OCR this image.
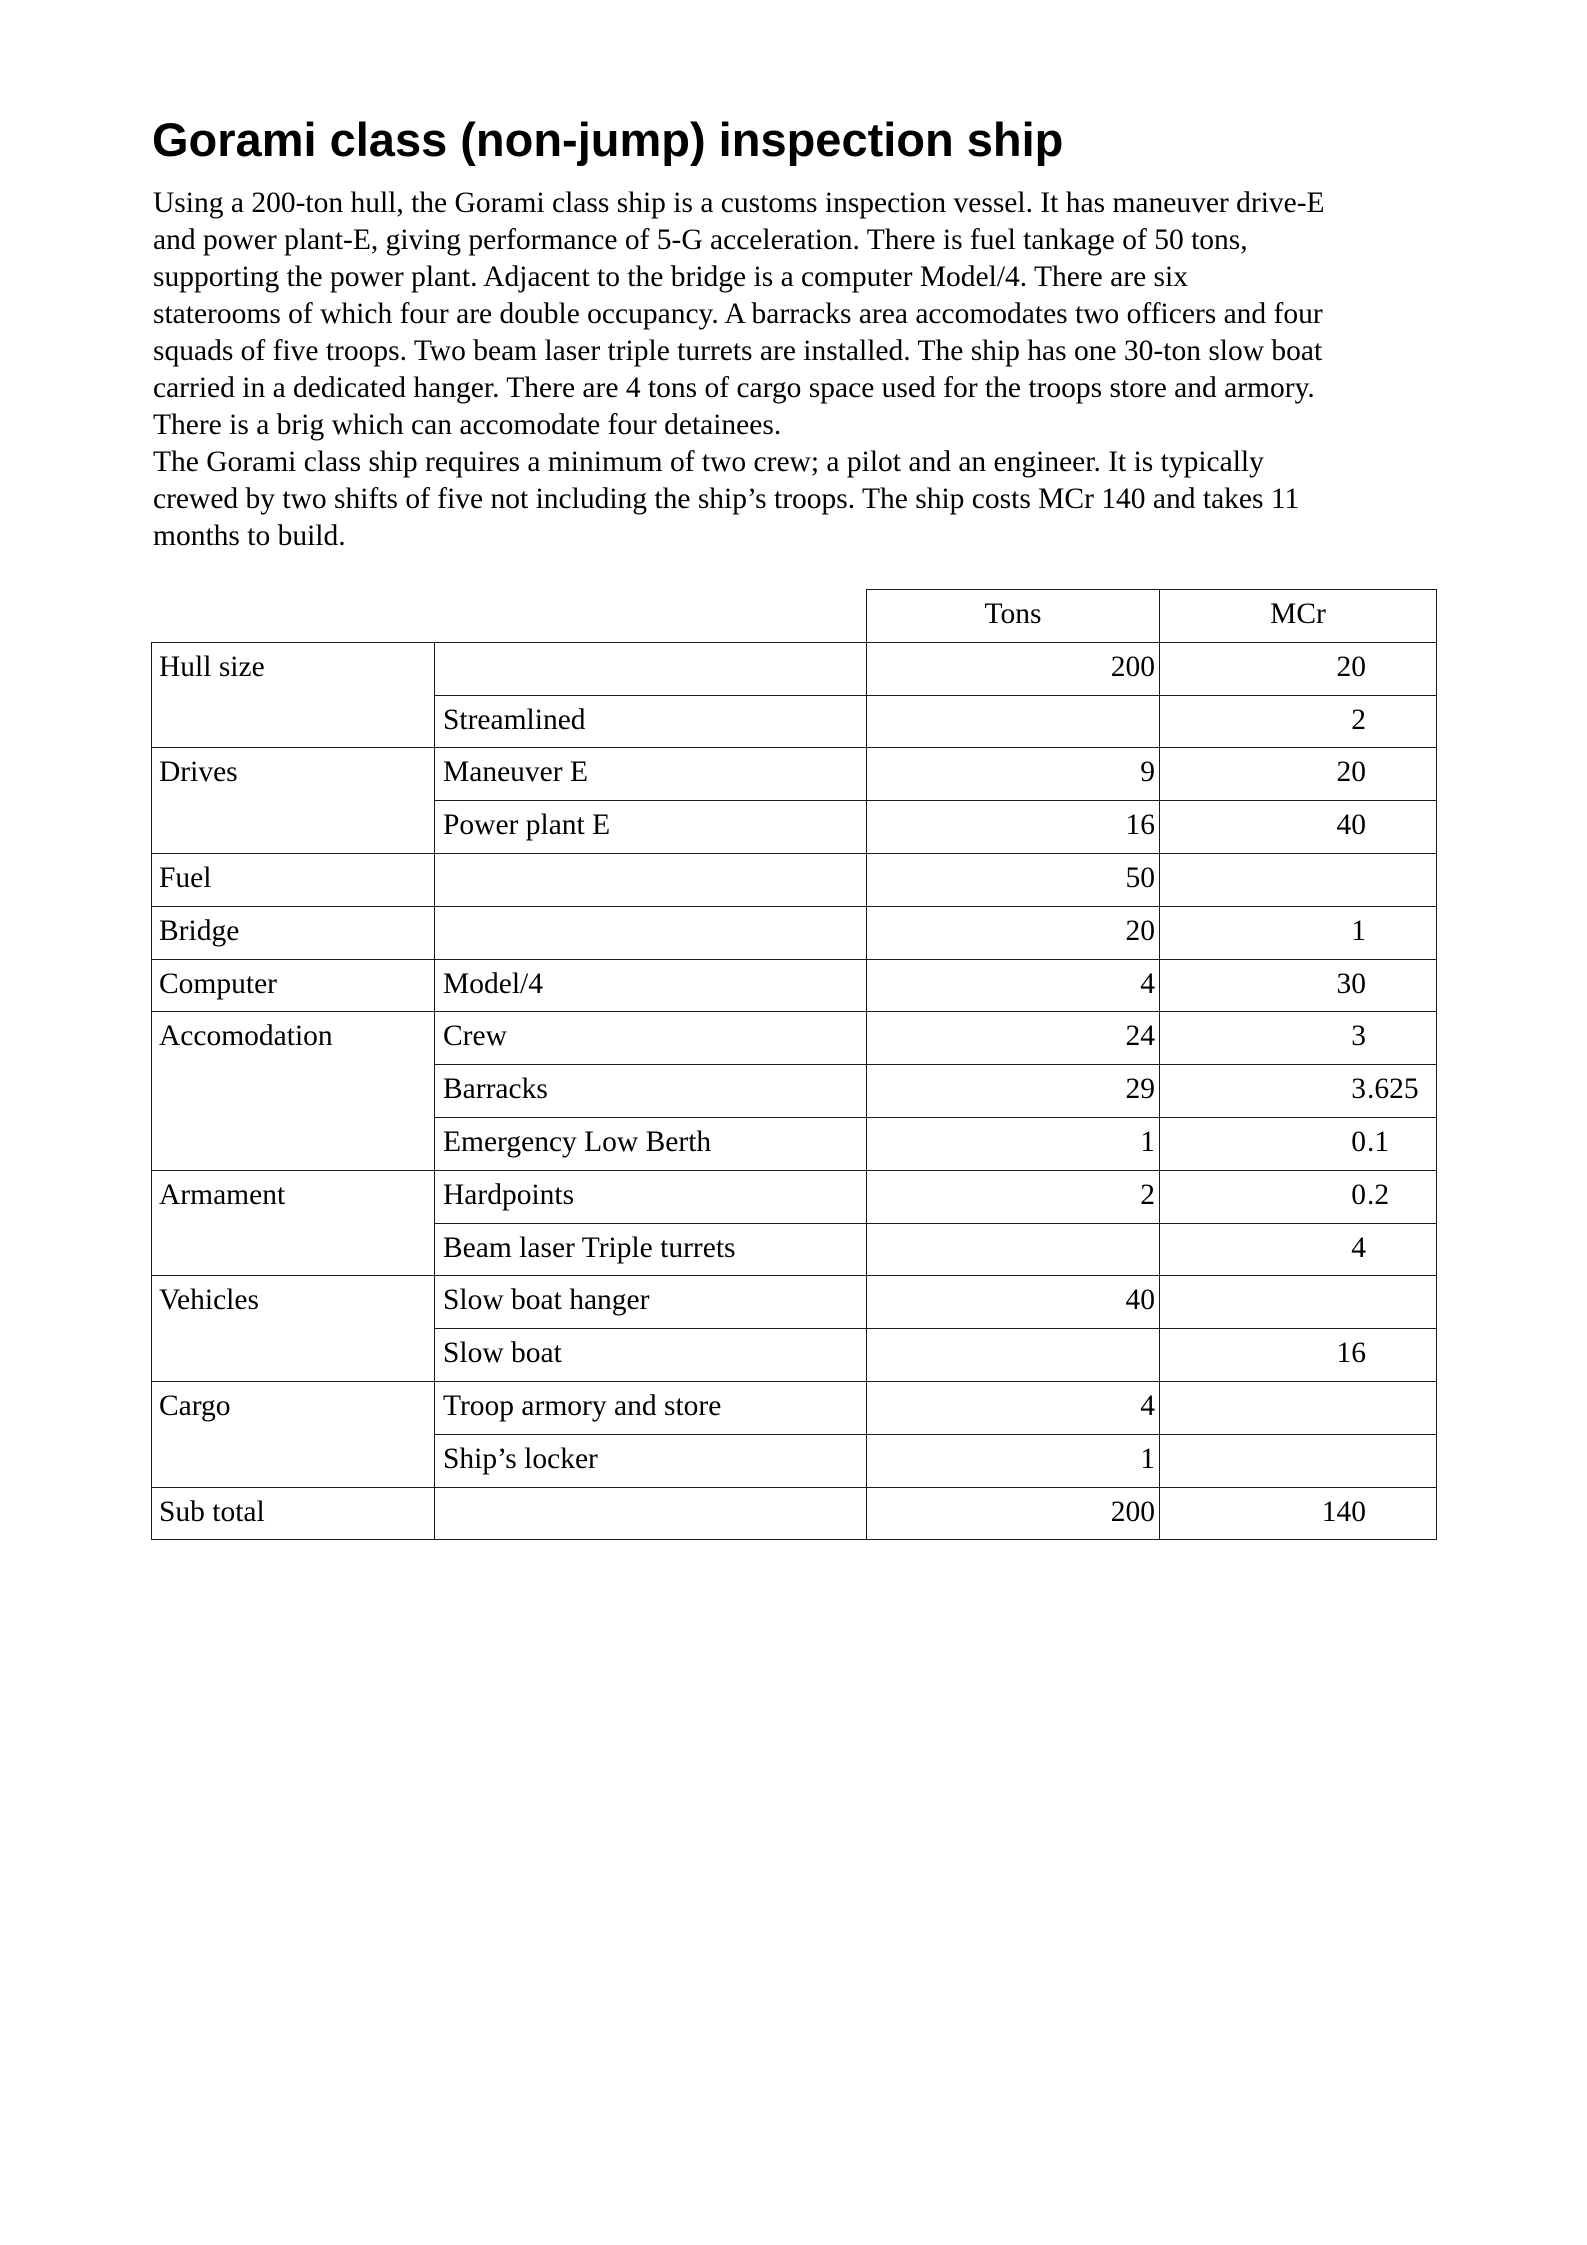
Gorami class (non-jump) inspection ship
Using a 200-ton hull, the Gorami class ship is a customs inspection vessel. It has maneuver drive-E
and power plant-E, giving performance of 5-G acceleration. There is fuel tankage of 50 tons,
supporting the power plant. Adjacent to the bridge is a computer Model/4. There are six
staterooms of which four are double occupancy. A barracks area accomodates two officers and four
squads of five troops. Two beam laser triple turrets are installed. The ship has one 30-ton slow boat
carried in a dedicated hanger. There are 4 tons of cargo space used for the troops store and armory.
There is a brig which can accomodate four detainees.
The Gorami class ship requires a minimum of two crew; a pilot and an engineer. It is typically
crewed by two shifts of five not including the ship’s troops. The ship costs MCr 140 and takes 11
months to build.
		Tons	MCr
Hull size		200	20

	Streamlined		2

Drives	Maneuver E	9	20

	Power plant E	16	40

Fuel		50	

Bridge		20	1

Computer	Model/4	4	30

Accomodation	Crew	24	3

	Barracks	29	3 .625

	Emergency Low Berth	1	0 .1

Armament	Hardpoints	2	0 .2

	Beam laser Triple turrets		4

Vehicles	Slow boat hanger	40	

	Slow boat		16

Cargo	Troop armory and store	4	

	Ship’s locker	1	

Sub total		200	140
